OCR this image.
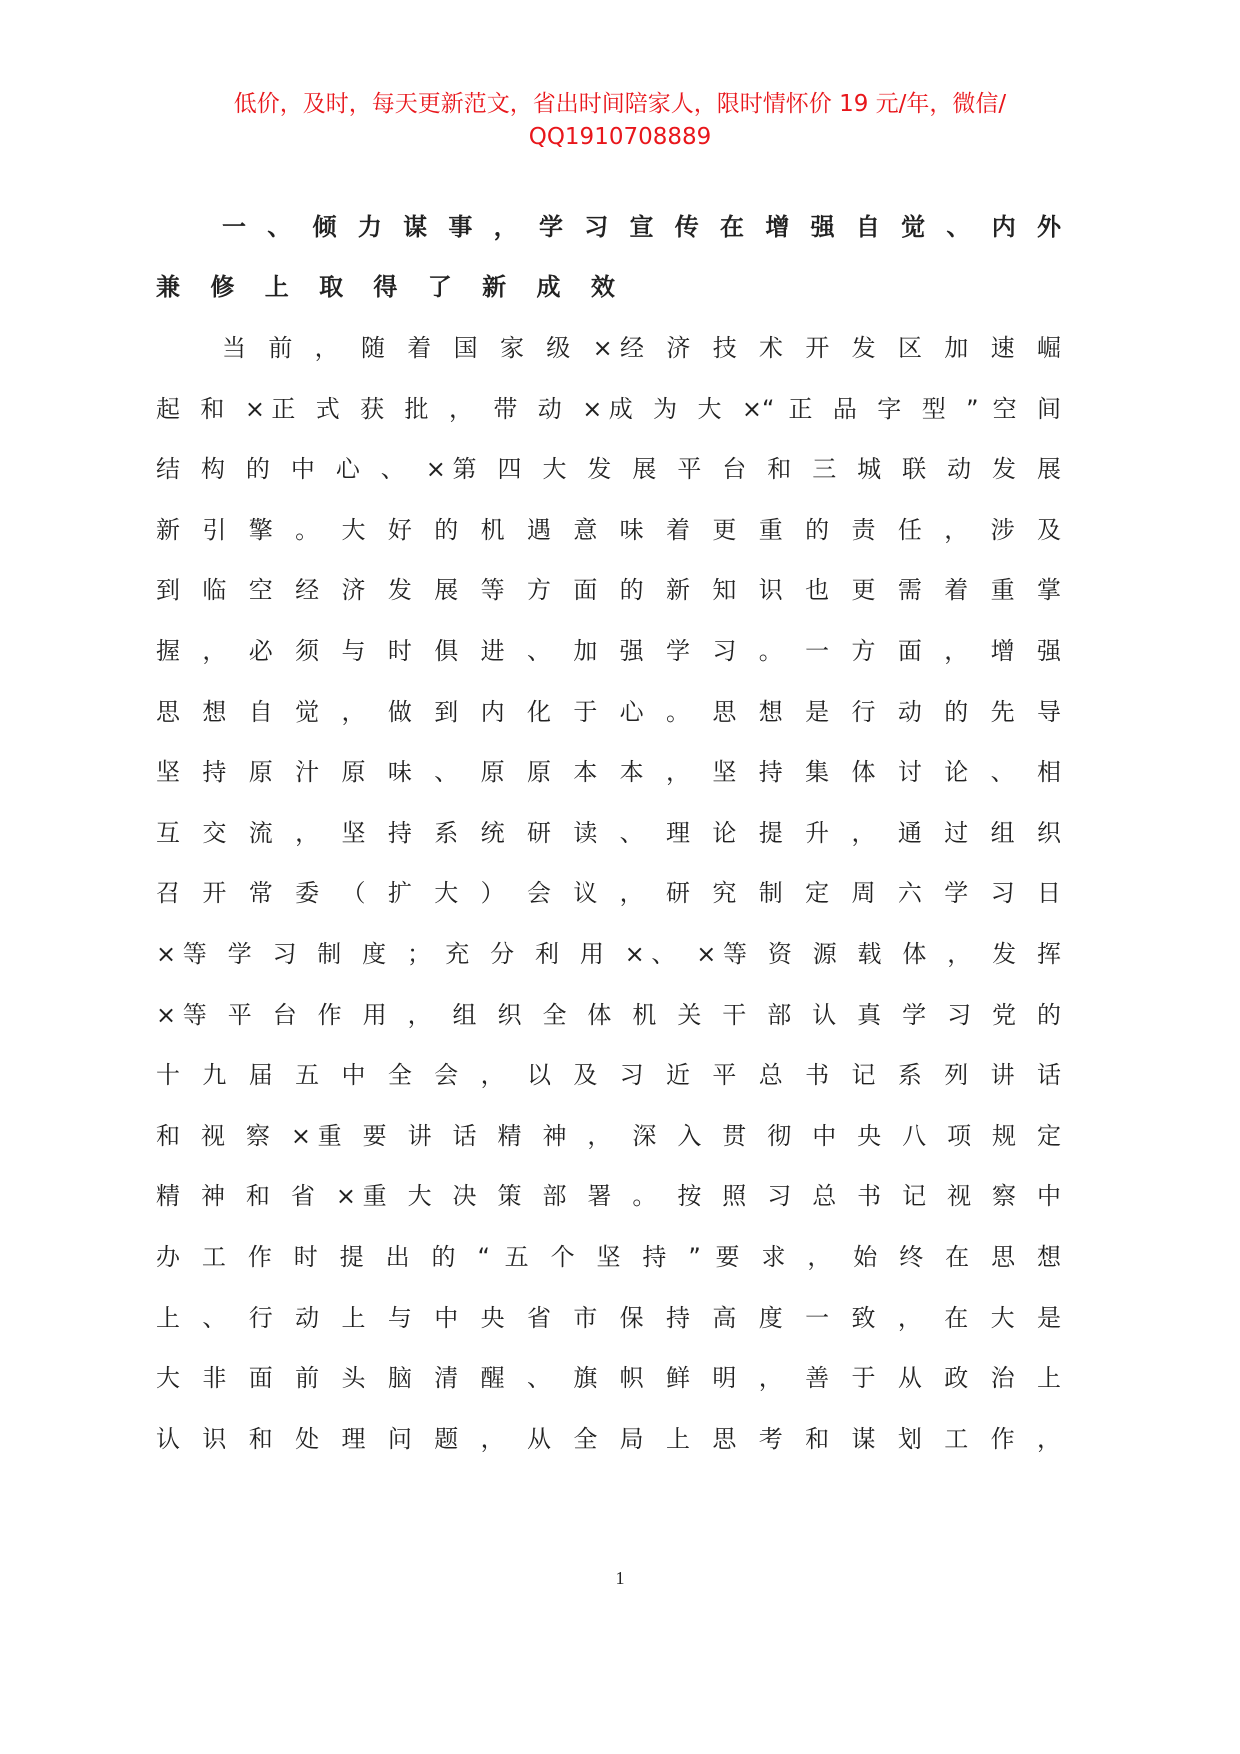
低价，及时，每天更新范文，省出时间陪家人，限时情怀价 19 元/年，微信/
QQ1910708889
一 、 倾 力 谋 事 ， 学 习 宣 传 在 增 强 自 觉 、 内 外
兼 修 上 取 得 了 新 成 效
当 前 ， 随 着 国 家 级 ×经 济 技 术 开 发 区 加 速 崛
起 和 ×正 式 获 批 ， 带 动 ×成 为 大 ×“ 正 品 字 型 ” 空 间
结 构 的 中 心 、 ×第 四 大 发 展 平 台 和 三 城 联 动 发 展
新 引 擎 。 大 好 的 机 遇 意 味 着 更 重 的 责 任 ， 涉 及
到 临 空 经 济 发 展 等 方 面 的 新 知 识 也 更 需 着 重 掌
握 ， 必 须 与 时 俱 进 、 加 强 学 习 。 一 方 面 ， 增 强
思 想 自 觉 ， 做 到 内 化 于 心 。 思 想 是 行 动 的 先 导
坚 持 原 汁 原 味 、 原 原 本 本 ， 坚 持 集 体 讨 论 、 相
互 交 流 ， 坚 持 系 统 研 读 、 理 论 提 升 ， 通 过 组 织
召 开 常 委 （ 扩 大 ） 会 议 ， 研 究 制 定 周 六 学 习 日
×等 学 习 制 度 ； 充 分 利 用 ×、 ×等 资 源 载 体 ， 发 挥
×等 平 台 作 用 ， 组 织 全 体 机 关 干 部 认 真 学 习 党 的
十 九 届 五 中 全 会 ， 以 及 习 近 平 总 书 记 系 列 讲 话
和 视 察 ×重 要 讲 话 精 神 ， 深 入 贯 彻 中 央 八 项 规 定
精 神 和 省 ×重 大 决 策 部 署 。 按 照 习 总 书 记 视 察 中
办 工 作 时 提 出 的 “ 五 个 坚 持 ” 要 求 ， 始 终 在 思 想
上 、 行 动 上 与 中 央 省 市 保 持 高 度 一 致 ， 在 大 是
大 非 面 前 头 脑 清 醒 、 旗 帜 鲜 明 ， 善 于 从 政 治 上
认 识 和 处 理 问 题 ， 从 全 局 上 思 考 和 谋 划 工 作 ，
1
